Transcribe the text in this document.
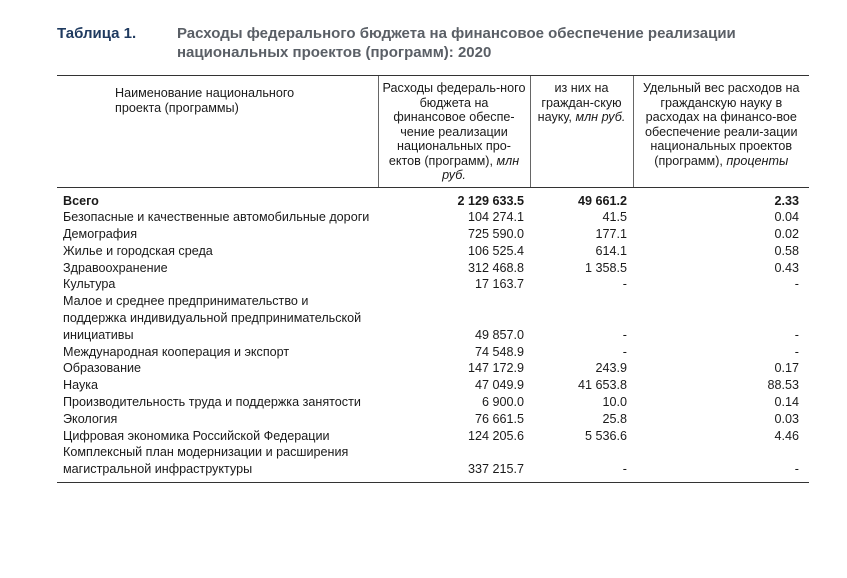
Таблица 1.	Расходы федерального бюджета на финансовое обеспечение реализации национальных проектов (программ): 2020
Наименование национального проекта (программы)	Расходы федераль-ного бюджета на финансовое обеспе-чение реализации национальных про-ектов (программ), млн руб.	из них на граждан-скую науку, млн руб.	Удельный вес расходов на гражданскую науку в расходах на финансо-вое обеспечение реали-зации национальных проектов (программ), проценты
Всего	2 129 633.5	49 661.2	2.33
Безопасные и качественные автомобильные дороги	104 274.1	41.5	0.04
Демография	725 590.0	177.1	0.02
Жилье и городская среда	106 525.4	614.1	0.58
Здравоохранение	312 468.8	1 358.5	0.43
Культура	17 163.7	-	-
Малое и среднее предпринимательство и поддержка индивидуальной предпринимательской инициативы	49 857.0	-	-
Международная кооперация и экспорт	74 548.9	-	-
Образование	147 172.9	243.9	0.17
Наука	47 049.9	41 653.8	88.53
Производительность труда и поддержка занятости	6 900.0	10.0	0.14
Экология	76 661.5	25.8	0.03
Цифровая экономика Российской Федерации	124 205.6	5 536.6	4.46
Комплексный план модернизации и расширения магистральной инфраструктуры	337 215.7	-	-
